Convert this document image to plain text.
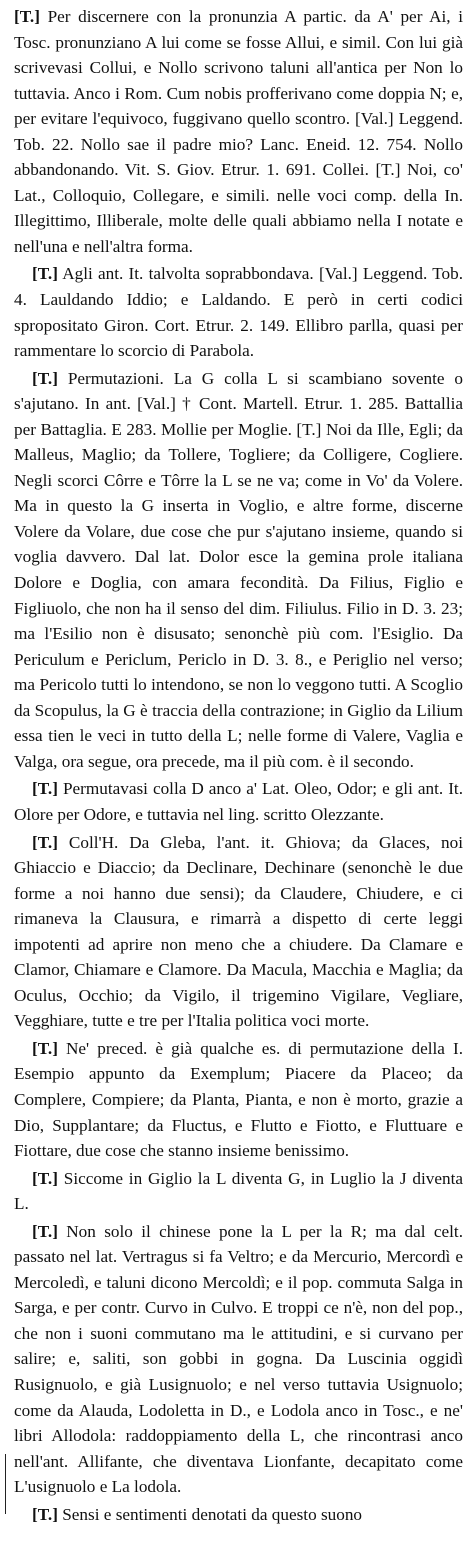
[T.] Per discernere con la pronunzia A partic. da A' per Ai, i Tosc. pronunziano A lui come se fosse Allui, e simil. Con lui già scrivevasi Collui, e Nollo scrivono taluni all'antica per Non lo tuttavia. Anco i Rom. Cum nobis profferivano come doppia N; e, per evitare l'equivoco, fuggivano quello scontro. [Val.] Leggend. Tob. 22. Nollo sae il padre mio? Lanc. Eneid. 12. 754. Nollo abbandonando. Vit. S. Giov. Etrur. 1. 691. Collei. [T.] Noi, co' Lat., Colloquio, Collegare, e simili. nelle voci comp. della In. Illegittimo, Illiberale, molte delle quali abbiamo nella I notate e nell'una e nell'altra forma.

[T.] Agli ant. It. talvolta soprabbondava. [Val.] Leggend. Tob. 4. Lauldando Iddio; e Laldando. E però in certi codici spropositato Giron. Cort. Etrur. 2. 149. Ellibro parlla, quasi per rammentare lo scorcio di Parabola.

[T.] Permutazioni. La G colla L si scambiano sovente o s'ajutano. In ant. [Val.] † Cont. Martell. Etrur. 1. 285. Battallia per Battaglia. E 283. Mollie per Moglie. [T.] Noi da Ille, Egli; da Malleus, Maglio; da Tollere, Togliere; da Colligere, Cogliere. Negli scorci Côrre e Tôrre la L se ne va; come in Vo' da Volere. Ma in questo la G inserta in Voglio, e altre forme, discerne Volere da Volare, due cose che pur s'ajutano insieme, quando si voglia davvero. Dal lat. Dolor esce la gemina prole italiana Dolore e Doglia, con amara fecondità. Da Filius, Figlio e Figliuolo, che non ha il senso del dim. Filiulus. Filio in D. 3. 23; ma l'Esilio non è disusato; senonchè più com. l'Esiglio. Da Periculum e Periclum, Periclo in D. 3. 8., e Periglio nel verso; ma Pericolo tutti lo intendono, se non lo veggono tutti. A Scoglio da Scopulus, la G è traccia della contrazione; in Giglio da Lilium essa tien le veci in tutto della L; nelle forme di Valere, Vaglia e Valga, ora segue, ora precede, ma il più com. è il secondo.

[T.] Permutavasi colla D anco a' Lat. Oleo, Odor; e gli ant. It. Olore per Odore, e tuttavia nel ling. scritto Olezzante.

[T.] Coll'H. Da Gleba, l'ant. it. Ghiova; da Glaces, noi Ghiaccio e Diaccio; da Declinare, Dechinare (senonchè le due forme a noi hanno due sensi); da Claudere, Chiudere, e ci rimaneva la Clausura, e rimarrà a dispetto di certe leggi impotenti ad aprire non meno che a chiudere. Da Clamare e Clamor, Chiamare e Clamore. Da Macula, Macchia e Maglia; da Oculus, Occhio; da Vigilo, il trigemino Vigilare, Vegliare, Vegghiare, tutte e tre per l'Italia politica voci morte.

[T.] Ne' preced. è già qualche es. di permutazione della I. Esempio appunto da Exemplum; Piacere da Placeo; da Complere, Compiere; da Planta, Pianta, e non è morto, grazie a Dio, Supplantare; da Fluctus, e Flutto e Fiotto, e Fluttuare e Fiottare, due cose che stanno insieme benissimo.

[T.] Siccome in Giglio la L diventa G, in Luglio la J diventa L.

[T.] Non solo il chinese pone la L per la R; ma dal celt. passato nel lat. Vertragus si fa Veltro; e da Mercurio, Mercordì e Mercoledì, e taluni dicono Mercoldì; e il pop. commuta Salga in Sarga, e per contr. Curvo in Culvo. E troppi ce n'è, non del pop., che non i suoni commutano ma le attitudini, e si curvano per salire; e, saliti, son gobbi in gogna. Da Luscinia oggidì Rusignuolo, e già Lusignuolo; e nel verso tuttavia Usignuolo; come da Alauda, Lodoletta in D., e Lodola anco in Tosc., e ne' libri Allodola: raddoppiamento della L, che rincontrasi anco nell'ant. Allifante, che diventava Lionfante, decapitato come L'usignuolo e La lodola.

[T.] Sensi e sentimenti denotati da questo suono
